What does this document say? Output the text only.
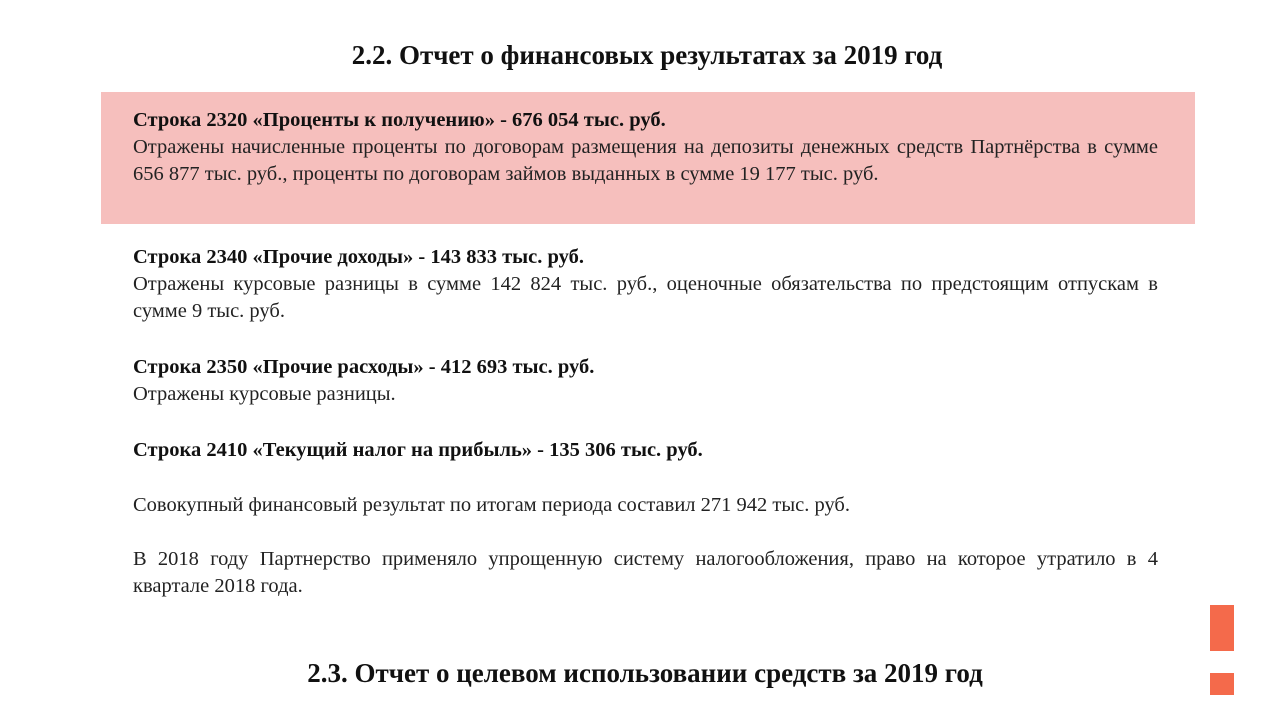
2.2. Отчет о финансовых результатах за 2019 год
Строка 2320 «Проценты к получению» - 676 054 тыс. руб.

Отражены начисленные проценты по договорам размещения на депозиты денежных средств Партнёрства в сумме 656 877 тыс. руб., проценты по договорам займов выданных в сумме 19 177 тыс. руб.

Строка 2340 «Прочие доходы» - 143 833 тыс. руб.

Отражены курсовые разницы в сумме 142 824 тыс. руб., оценочные обязательства по предстоящим отпускам в сумме 9 тыс. руб.

Строка 2350 «Прочие расходы» - 412 693 тыс. руб.

Отражены курсовые разницы.

Строка 2410 «Текущий налог на прибыль» - 135 306 тыс. руб.

Совокупный финансовый результат по итогам периода составил 271 942 тыс. руб.

В 2018 году Партнерство применяло упрощенную систему налогообложения, право на которое утратило в 4 квартале 2018 года.

2.3. Отчет о целевом использовании средств за 2019 год
